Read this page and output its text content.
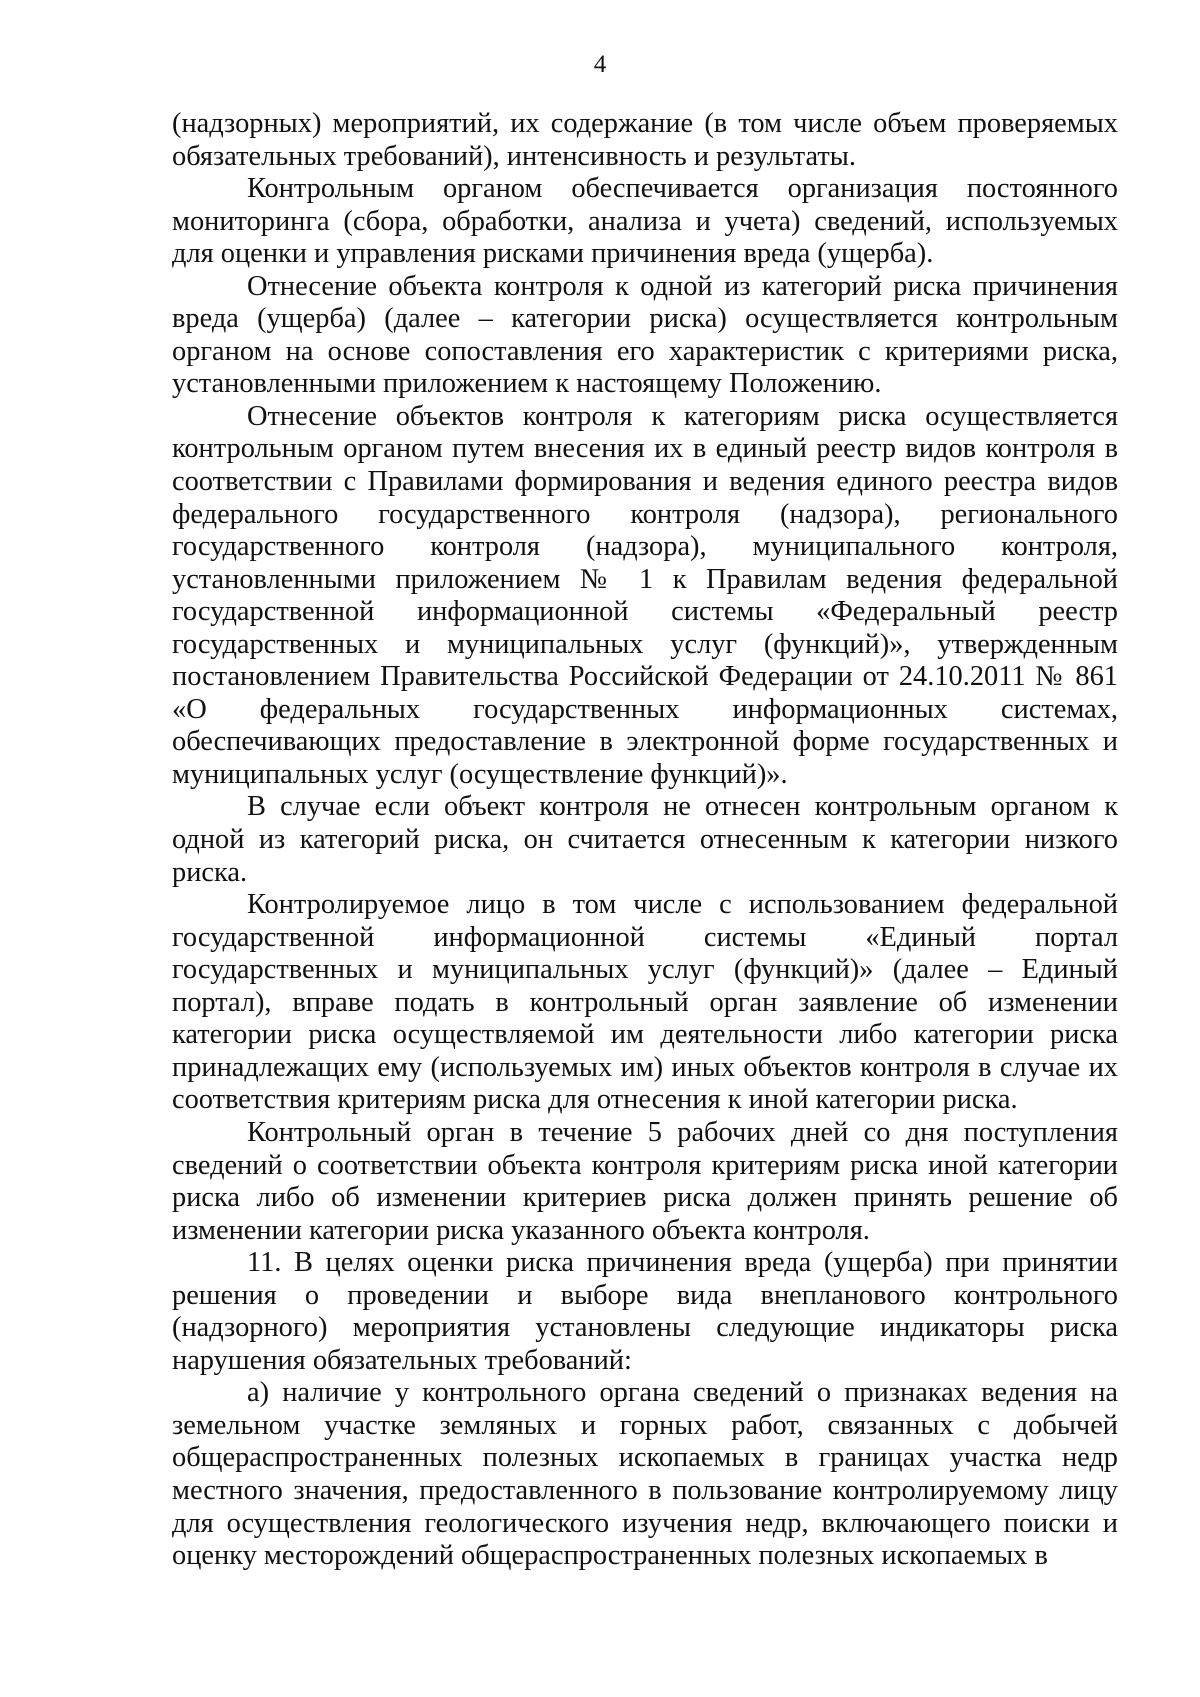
4

(надзорных) мероприятий, их содержание (в том числе объем проверяемых обязательных требований), интенсивность и результаты.

Контрольным органом обеспечивается организация постоянного мониторинга (сбора, обработки, анализа и учета) сведений, используемых для оценки и управления рисками причинения вреда (ущерба).

Отнесение объекта контроля к одной из категорий риска причинения вреда (ущерба) (далее – категории риска) осуществляется контрольным органом на основе сопоставления его характеристик с критериями риска, установленными приложением к настоящему Положению.

Отнесение объектов контроля к категориям риска осуществляется контрольным органом путем внесения их в единый реестр видов контроля в соответствии с Правилами формирования и ведения единого реестра видов федерального государственного контроля (надзора), регионального государственного контроля (надзора), муниципального контроля, установленными приложением № 1 к Правилам ведения федеральной государственной информационной системы «Федеральный реестр государственных и муниципальных услуг (функций)», утвержденным постановлением Правительства Российской Федерации от 24.10.2011 № 861 «О федеральных государственных информационных системах, обеспечивающих предоставление в электронной форме государственных и муниципальных услуг (осуществление функций)».

В случае если объект контроля не отнесен контрольным органом к одной из категорий риска, он считается отнесенным к категории низкого риска.

Контролируемое лицо в том числе с использованием федеральной государственной информационной системы «Единый портал государственных и муниципальных услуг (функций)» (далее – Единый портал), вправе подать в контрольный орган заявление об изменении категории риска осуществляемой им деятельности либо категории риска принадлежащих ему (используемых им) иных объектов контроля в случае их соответствия критериям риска для отнесения к иной категории риска.

Контрольный орган в течение 5 рабочих дней со дня поступления сведений о соответствии объекта контроля критериям риска иной категории риска либо об изменении критериев риска должен принять решение об изменении категории риска указанного объекта контроля.

11. В целях оценки риска причинения вреда (ущерба) при принятии решения о проведении и выборе вида внепланового контрольного (надзорного) мероприятия установлены следующие индикаторы риска нарушения обязательных требований:

а) наличие у контрольного органа сведений о признаках ведения на земельном участке земляных и горных работ, связанных с добычей общераспространенных полезных ископаемых в границах участка недр местного значения, предоставленного в пользование контролируемому лицу для осуществления геологического изучения недр, включающего поиски и оценку месторождений общераспространенных полезных ископаемых в
